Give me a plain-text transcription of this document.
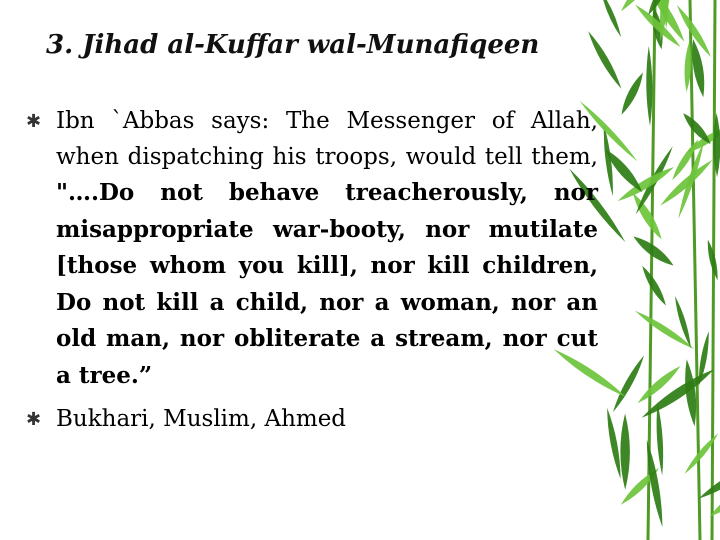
3. Jihad al-Kuffar wal-Munafiqeen
✱ Ibn `Abbas says: The Messenger of Allah, when dispatching his troops, would tell them, "….Do not behave treacherously, nor misappropriate war-booty, nor mutilate [those whom you kill], nor kill children, Do not kill a child, nor a woman, nor an old man, nor obliterate a stream, nor cut a tree.”
✱ Bukhari, Muslim, Ahmed
